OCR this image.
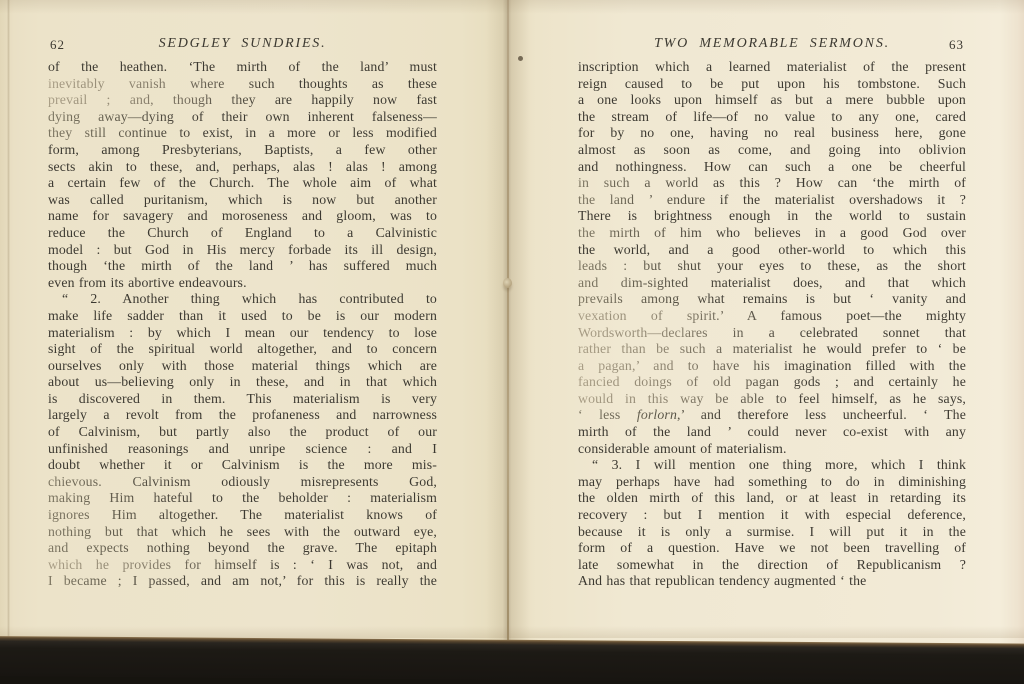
62	SEDGLEY SUNDRIES.
of the heathen. ‘The mirth of the land’ must
inevitably vanish where such thoughts as these
prevail ; and, though they are happily now fast
dying away—dying of their own inherent falseness—
they still continue to exist, in a more or less modified
form, among Presbyterians, Baptists, a few other
sects akin to these, and, perhaps, alas ! alas ! among
a certain few of the Church. The whole aim of what
was called puritanism, which is now but another
name for savagery and moroseness and gloom, was to
reduce the Church of England to a Calvinistic
model : but God in His mercy forbade its ill design,
though ‘the mirth of the land ’ has suffered much
even from its abortive endeavours.
“ 2. Another thing which has contributed to
make life sadder than it used to be is our modern
materialism : by which I mean our tendency to lose
sight of the spiritual world altogether, and to concern
ourselves only with those material things which are
about us—believing only in these, and in that which
is discovered in them. This materialism is very
largely a revolt from the profaneness and narrowness
of Calvinism, but partly also the product of our
unfinished reasonings and unripe science : and I
doubt whether it or Calvinism is the more mis-
chievous. Calvinism odiously misrepresents God,
making Him hateful to the beholder : materialism
ignores Him altogether. The materialist knows of
nothing but that which he sees with the outward eye,
and expects nothing beyond the grave. The epitaph
which he provides for himself is : ‘ I was not, and
I became ; I passed, and am not,’ for this is really the
TWO MEMORABLE SERMONS.	63
inscription which a learned materialist of the present
reign caused to be put upon his tombstone. Such
a one looks upon himself as but a mere bubble upon
the stream of life—of no value to any one, cared
for by no one, having no real business here, gone
almost as soon as come, and going into oblivion
and nothingness. How can such a one be cheerful
in such a world as this ? How can ‘the mirth of
the land ’ endure if the materialist overshadows it ?
There is brightness enough in the world to sustain
the mirth of him who believes in a good God over
the world, and a good other-world to which this
leads : but shut your eyes to these, as the short
and dim-sighted materialist does, and that which
prevails among what remains is but ‘ vanity and
vexation of spirit.’ A famous poet—the mighty
Wordsworth—declares in a celebrated sonnet that
rather than be such a materialist he would prefer to ‘ be
a pagan,’ and to have his imagination filled with the
fancied doings of old pagan gods ; and certainly he
would in this way be able to feel himself, as he says,
‘ less forlorn,’ and therefore less uncheerful. ‘ The
mirth of the land ’ could never co-exist with any
considerable amount of materialism.
“ 3. I will mention one thing more, which I think
may perhaps have had something to do in diminishing
the olden mirth of this land, or at least in retarding its
recovery : but I mention it with especial deference,
because it is only a surmise. I will put it in the
form of a question. Have we not been travelling of
late somewhat in the direction of Republicanism ?
And has that republican tendency augmented ‘ the
